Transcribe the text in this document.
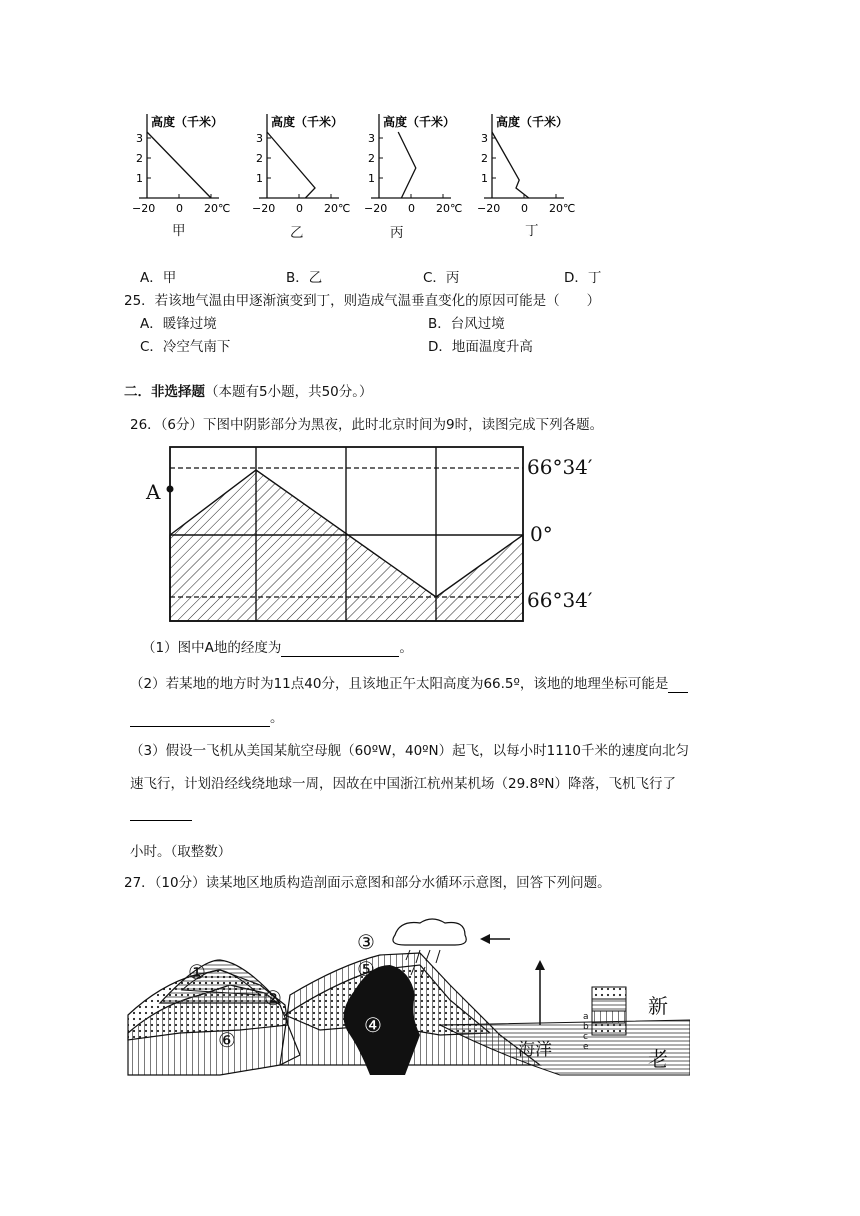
3
2
1
高度（千米）
−20 0 20℃
3
2
1
高度（千米）
−20 0 20℃
3
2
1
高度（千米）
−20 0 20℃
3
2
1
高度（千米）
−20 0 20℃
甲	乙	丙	丁
A．甲	B．乙	C．丙	D．丁
25．若该地气温由甲逐渐演变到丁，则造成气温垂直变化的原因可能是（　　）
A．暖锋过境	B．台风过境
C．冷空气南下	D．地面温度升高
二．非选择题（本题有5小题，共50分。）
26．（6分）下图中阴影部分为黑夜，此时北京时间为9时，读图完成下列各题。
A
66°34′
0°
66°34′
（1）图中A地的经度为	。
（2）若某地的地方时为11点40分，且该地正午太阳高度为66.5º，该地的地理坐标可能是
。
（3）假设一飞机从美国某航空母舰（60ºW，40ºN）起飞，以每小时1110千米的速度向北匀
速飞行，计划沿经线绕地球一周，因故在中国浙江杭州某机场（29.8ºN）降落，飞机飞行了
小时。（取整数）
27．（10分）读某地区地质构造剖面示意图和部分水循环示意图，回答下列问题。
①
②
③
④
⑤
⑥	海洋
新
老
a
b
c
e
